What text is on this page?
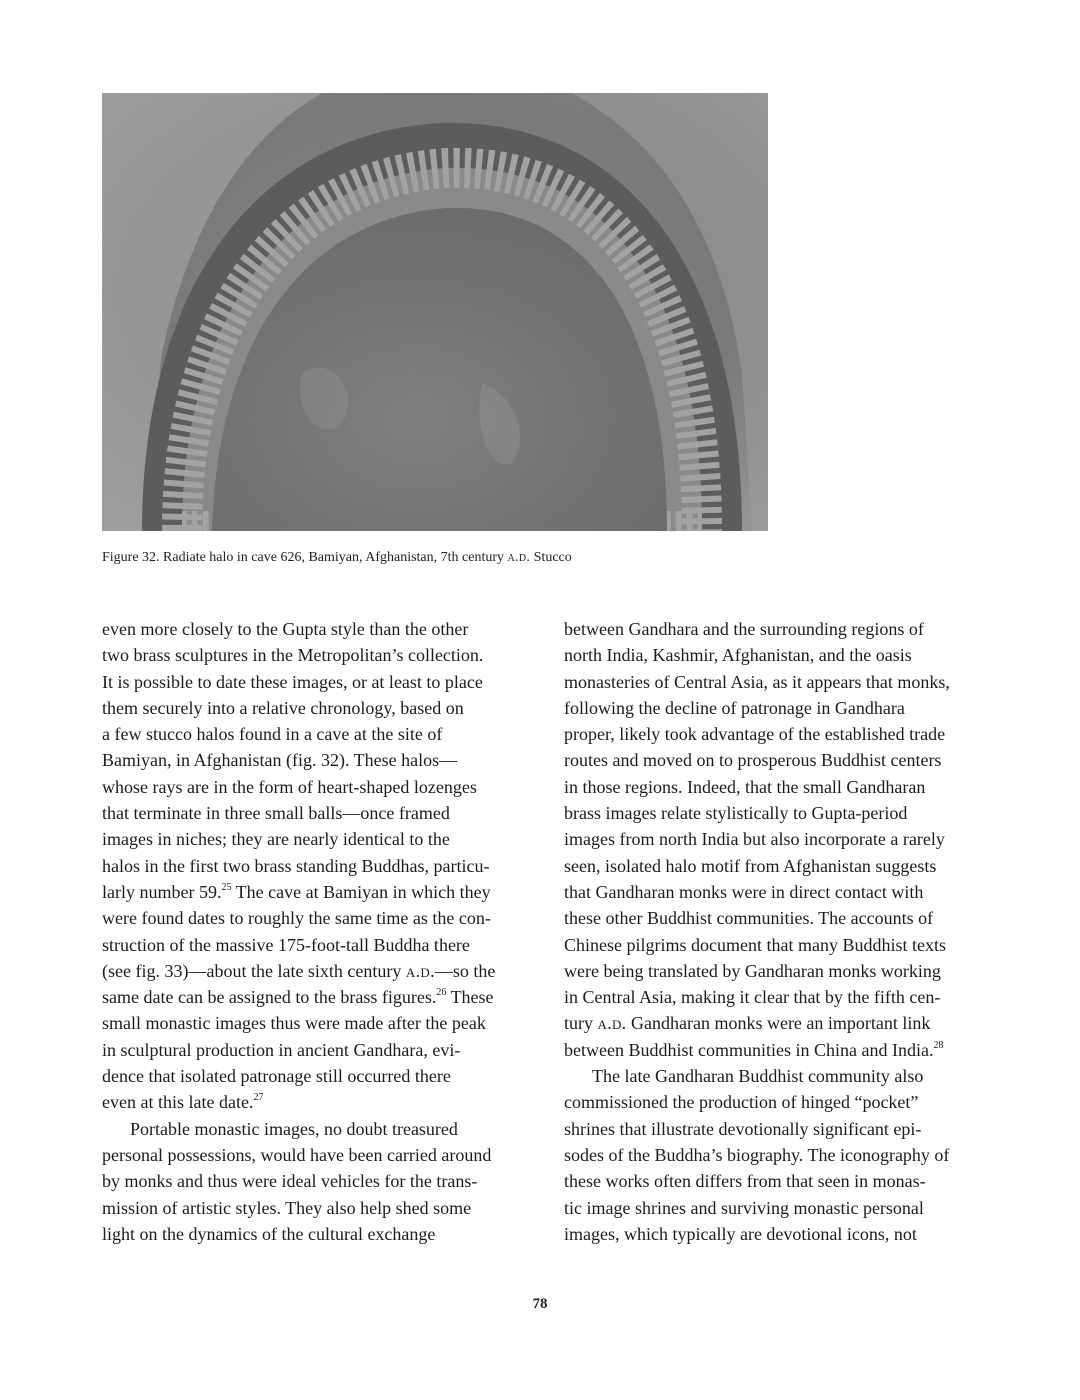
Figure 32. Radiate halo in cave 626, Bamiyan, Afghanistan, 7th century a.d. Stucco
even more closely to the Gupta style than the other
two brass sculptures in the Metropolitan’s collection.
It is possible to date these images, or at least to place
them securely into a relative chronology, based on
a few stucco halos found in a cave at the site of
Bamiyan, in Afghanistan (fig. 32). These halos—
whose rays are in the form of heart-shaped lozenges
that terminate in three small balls—once framed
images in niches; they are nearly identical to the
halos in the first two brass standing Buddhas, particu-
larly number 59.25 The cave at Bamiyan in which they
were found dates to roughly the same time as the con-
struction of the massive 175-foot-tall Buddha there
(see fig. 33)—about the late sixth century a.d.—so the
same date can be assigned to the brass figures.$^{26}$ These
small monastic images thus were made after the peak
in sculptural production in ancient Gandhara, evi-
dence that isolated patronage still occurred there
even at this late date.$^{27}$
Portable monastic images, no doubt treasured
personal possessions, would have been carried around
by monks and thus were ideal vehicles for the trans-
mission of artistic styles. They also help shed some
light on the dynamics of the cultural exchange
between Gandhara and the surrounding regions of
north India, Kashmir, Afghanistan, and the oasis
monasteries of Central Asia, as it appears that monks,
following the decline of patronage in Gandhara
proper, likely took advantage of the established trade
routes and moved on to prosperous Buddhist centers
in those regions. Indeed, that the small Gandharan
brass images relate stylistically to Gupta-period
images from north India but also incorporate a rarely
seen, isolated halo motif from Afghanistan suggests
that Gandharan monks were in direct contact with
these other Buddhist communities. The accounts of
Chinese pilgrims document that many Buddhist texts
were being translated by Gandharan monks working
in Central Asia, making it clear that by the fifth cen-
tury a.d. Gandharan monks were an important link
between Buddhist communities in China and India.$^{28}$
The late Gandharan Buddhist community also
commissioned the production of hinged “pocket”
shrines that illustrate devotionally significant epi-
sodes of the Buddha’s biography. The iconography of
these works often differs from that seen in monas-
tic image shrines and surviving monastic personal
images, which typically are devotional icons, not
78
